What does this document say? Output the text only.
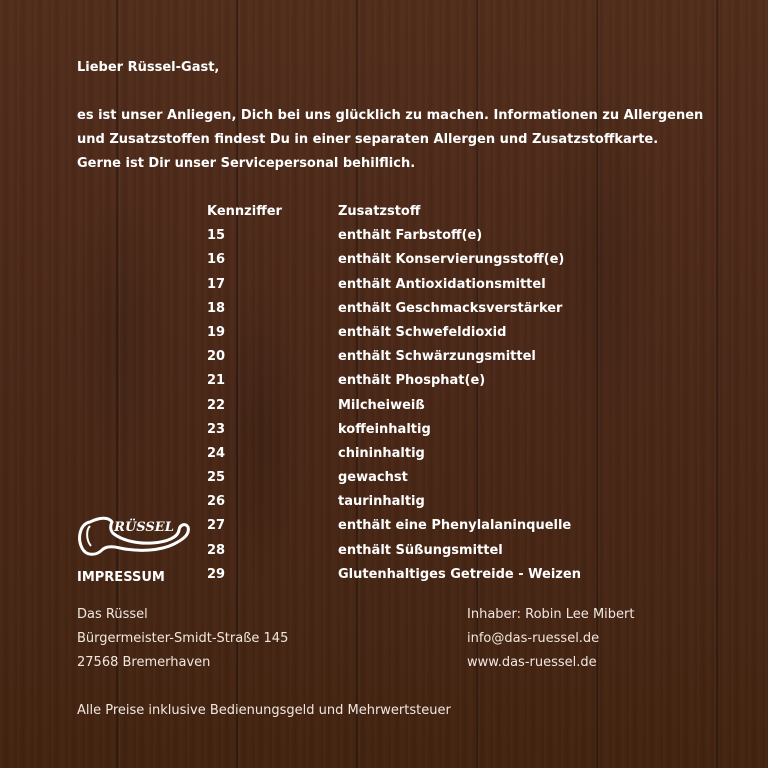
Lieber Rüssel-Gast,

es ist unser Anliegen, Dich bei uns glücklich zu machen. Informationen zu Allergenen

und Zusatzstoffen findest Du in einer separaten Allergen und Zusatzstoffkarte.

Gerne ist Dir unser Servicepersonal behilflich.

Kennziffer	Zusatzstoff
15	enthält Farbstoff(e)
16	enthält Konservierungsstoff(e)
17	enthält Antioxidationsmittel
18	enthält Geschmacksverstärker
19	enthält Schwefeldioxid
20	enthält Schwärzungsmittel
21	enthält Phosphat(e)
22	Milcheiweiß
23	koffeinhaltig
24	chininhaltig
25	gewachst
26	taurinhaltig
27	enthält eine Phenylalaninquelle
28	enthält Süßungsmittel
29	Glutenhaltiges Getreide - Weizen
RÜSSEL
IMPRESSUM
Das Rüssel
Bürgermeister-Smidt-Straße 145
27568 Bremerhaven
Inhaber: Robin Lee Mibert
info@das-ruessel.de
www.das-ruessel.de
Alle Preise inklusive Bedienungsgeld und Mehrwertsteuer
